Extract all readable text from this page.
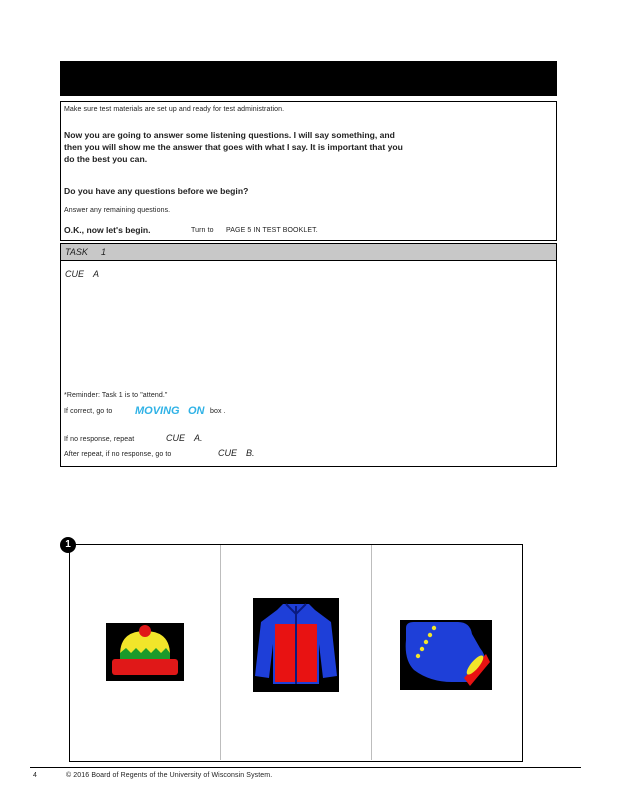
Make sure test materials are set up and ready for test administration.
Now you are going to answer some listening questions. I will say something, and
then you will show me the answer that goes with what I say. It is important that you
do the best you can.
Do you have any questions before we begin?
Answer any remaining questions.
O.K., now let's begin.	Turn to PAGE 5 IN TEST BOOKLET.
TASK 1
CUE A
*Reminder: Task 1 is to "attend."
If correct, go to MOVING ON box .
If no response, repeat	CUE A.
After repeat, if no response, go to	CUE B.
1
4	© 2016 Board of Regents of the University of Wisconsin System.
